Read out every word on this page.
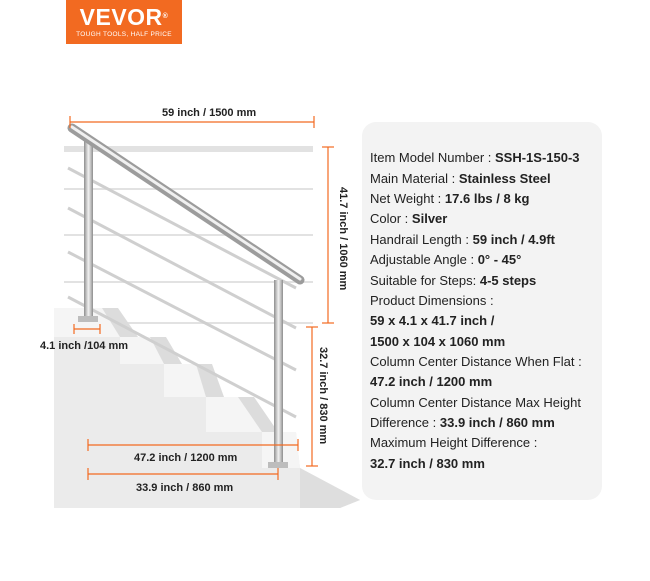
VEVOR®
TOUGH TOOLS, HALF PRICE
59 inch / 1500 mm
41.7 inch / 1060 mm
32.7 inch / 830 mm
4.1 inch /104 mm
47.2 inch / 1200 mm
33.9 inch / 860 mm
Item Model Number : SSH-1S-150-3
Main Material : Stainless Steel
Net Weight : 17.6 lbs / 8 kg
Color : Silver
Handrail Length : 59 inch / 4.9ft
Adjustable Angle : 0° - 45°
Suitable for Steps: 4-5 steps
Product Dimensions :
59 x 4.1 x 41.7 inch /
1500 x 104 x 1060 mm
Column Center Distance When Flat :
47.2 inch / 1200 mm
Column Center Distance Max Height
Difference : 33.9 inch / 860 mm
Maximum Height Difference :
32.7 inch / 830 mm
